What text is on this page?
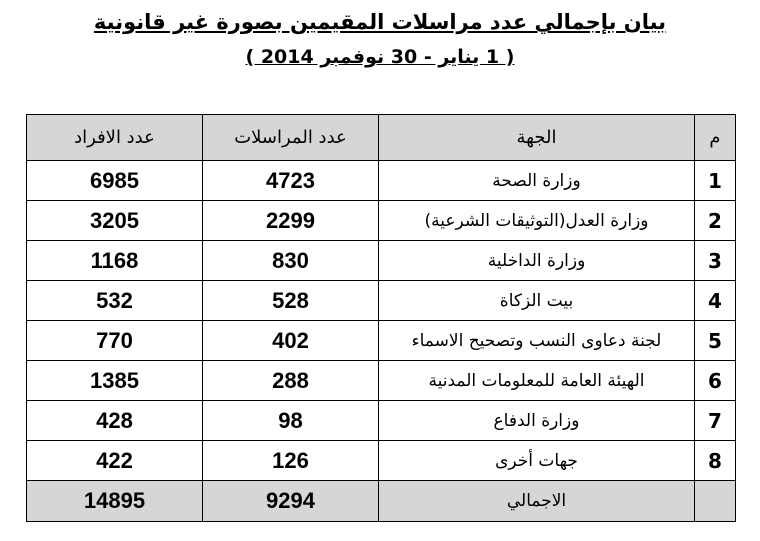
بيان بإجمالي عدد مراسلات المقيمين بصورة غير قانونية
( 1 يناير - 30 نوفمبر 2014 )
م	الجهة	عدد المراسلات	عدد الافراد
1	وزارة الصحة	4723	6985
2	وزارة العدل(التوثيقات الشرعية)	2299	3205
3	وزارة الداخلية	830	1168
4	بيت الزكاة	528	532
5	لجنة دعاوى النسب وتصحيح الاسماء	402	770
6	الهيئة العامة للمعلومات المدنية	288	1385
7	وزارة الدفاع	98	428
8	جهات أخرى	126	422
	الاجمالي	9294	14895
